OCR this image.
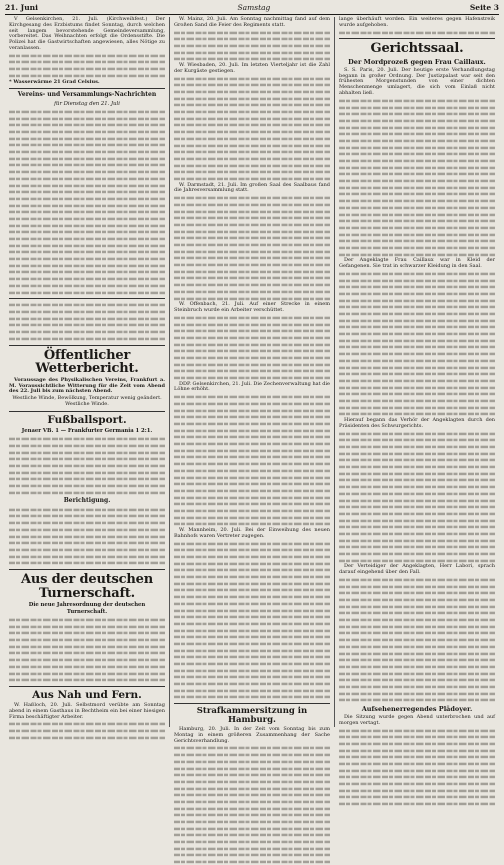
21. Juni	Samstag	Seite 3

V Gelsenkirchen, 21. Juli. (Kirchweihfest.) Der Kirchgesang des Erzbistums findet Sonntag, durch welchen seit langem bevorstehende Gemeindeversammlung, vorbereitet. Das Weihnachten erfolgt die Ordensstifte. Die Polizei hat die Gastwirtschaften angewiesen, alles Nötige zu veranlassen.

* Wasserwärme 21 Grad Celsius.

Vereins- und Versammlungs-Nachrichten
für Dienstag den 21. Juli
Öffentlicher Wetterbericht.

Voraussage des Physikalischen Vereins, Frankfurt a. M. Voraussichtliche Witterung für die Zeit vom Abend des 22. Juli bis zum nächsten Abend.

Westliche Winde, Bewölkung, Temperatur wenig geändert. Westliche Winde.

Fußballsport.
Jenaer VB. 1 — Frankfurter Germania 1 2:1.
Berichtigung.
Aus der deutschen Turnerschaft.
Die neue Jahresordnung der deutschen Turnerschaft.
Aus Nah und Fern.

W. Haßloch, 20. Juli. Selbstmord verübte am Sonntag abend in einem Gasthaus in Bechtheim ein bei einer hiesigen Firma beschäftigter Arbeiter.

W. Mainz, 20. Juli. Am Sonntag nachmittag fand auf dem Großen Sand die Feier des Regiments statt.

W. Wiesbaden, 20. Juli. Im letzten Vierteljahr ist die Zahl der Kurgäste gestiegen.

W. Darmstadt, 21. Juli. Im großen Saal des Saalbaus fand die Jahresversammlung statt.

W. Offenbach, 21. Juli. Auf einer Strecke in einem Steinbruch wurde ein Arbeiter verschüttet.

DDP. Gelsenkirchen, 21. Juli. Die Zechenverwaltung hat die Löhne erhöht.

W. Mannheim, 20. Juli. Bei der Einweihung des neuen Bahnhofs waren Vertreter zugegen.

Strafkammersitzung in Hamburg.

Hamburg, 20. Juli. In der Zeit vom Sonntag bis zum Montag in einem größeren Zusammenhang der Sache Gerichtsverhandlung.

lange überhäuft worden. Ein weiteres gegen Hafenstreik wurde aufgehoben.

Gerichtssaal.
Der Mordprozeß gegen Frau Caillaux.

S. S. Paris, 20. Juli. Der heutige erste Verhandlungstag begann in großer Ordnung. Der Justizpalast war seit den frühesten Morgenstunden von einer dichten Menschenmenge umlagert, die sich vom Einlaß nicht abhalten ließ.

Der Angeklagte Frau Caillaux war in Kleid der Gefangenen. Sie trat in schwarzer Kleidung in den Saal.

Hierauf begann das Verhör der Angeklagten durch den Präsidenten des Schwurgerichts.

Der Verteidiger der Angeklagten, Herr Labori, sprach darauf eingehend über den Fall.

Aufsehenerregendes Plädoyer.

Die Sitzung wurde gegen Abend unterbrochen und auf morgen vertagt.
